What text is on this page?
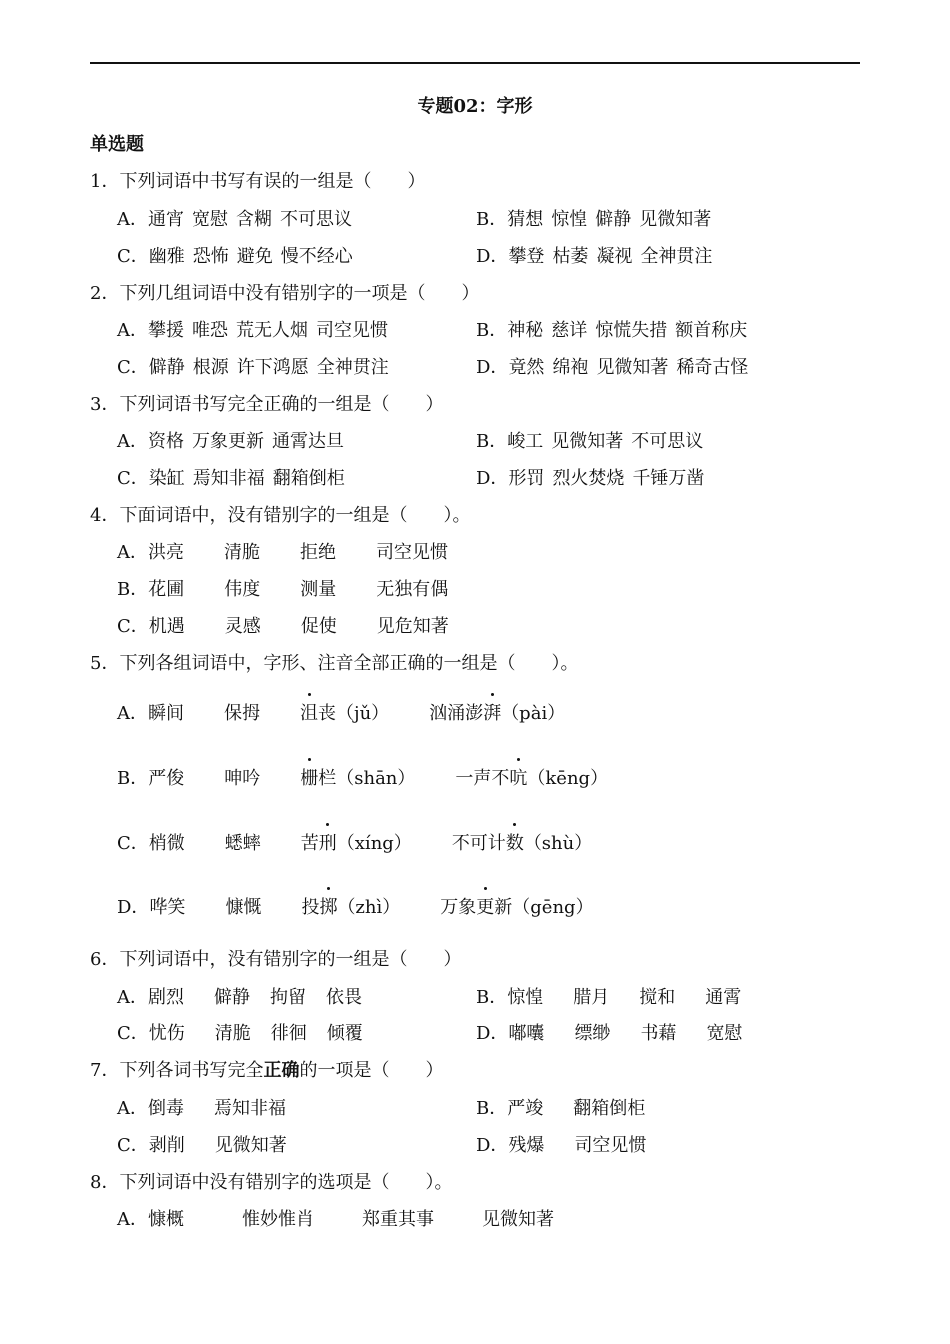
专题02：字形
单选题
1．下列词语中书写有误的一组是（　　）
A．通宵 宽慰 含糊 不可思议	B．猜想 惊惶 僻静 见微知著
C．幽雅 恐怖 避免 慢不经心	D．攀登 枯萎 凝视 全神贯注
2．下列几组词语中没有错别字的一项是（　　）
A．攀援 唯恐 荒无人烟 司空见惯	B．神秘 慈详 惊慌失措 额首称庆
C．僻静 根源 许下鸿愿 全神贯注	D．竟然 绵袍 见微知著 稀奇古怪
3．下列词语书写完全正确的一组是（　　）
A．资格 万象更新 通霄达旦	B．峻工 见微知著 不可思议
C．染缸 焉知非福 翻箱倒柜	D．形罚 烈火焚烧 千锤万凿
4．下面词语中，没有错别字的一组是（　　）。
A．洪亮 清脆 拒绝 司空见惯
B．花圃 伟度 测量 无独有偶
C．机遇 灵感 促使 见危知著
5．下列各组词语中，字形、注音全部正确的一组是（　　）。
A．瞬间 保拇 沮丧（jǔ） 汹涌澎湃（pài）
B．严俊 呻吟 栅栏（shān） 一声不吭（kēng）
C．梢微 蟋蟀 苦刑（xíng） 不可计数（shù）
D．哗笑 慷慨 投掷（zhì） 万象更新（gēng）
6．下列词语中，没有错别字的一组是（　　）
A．剧烈 僻静 拘留 依畏	B．惊惶 腊月 搅和 通霄
C．忧伤 清脆 徘徊 倾覆	D．嘟囔 缥缈 书藉 宽慰
7．下列各词书写完全正确的一项是（　　）
A．倒毒 焉知非福	B．严竣 翻箱倒柜
C．剥削 见微知著	D．残爆 司空见惯
8．下列词语中没有错别字的选项是（　　）。
A．慷概	惟妙惟肖	郑重其事	见微知著
